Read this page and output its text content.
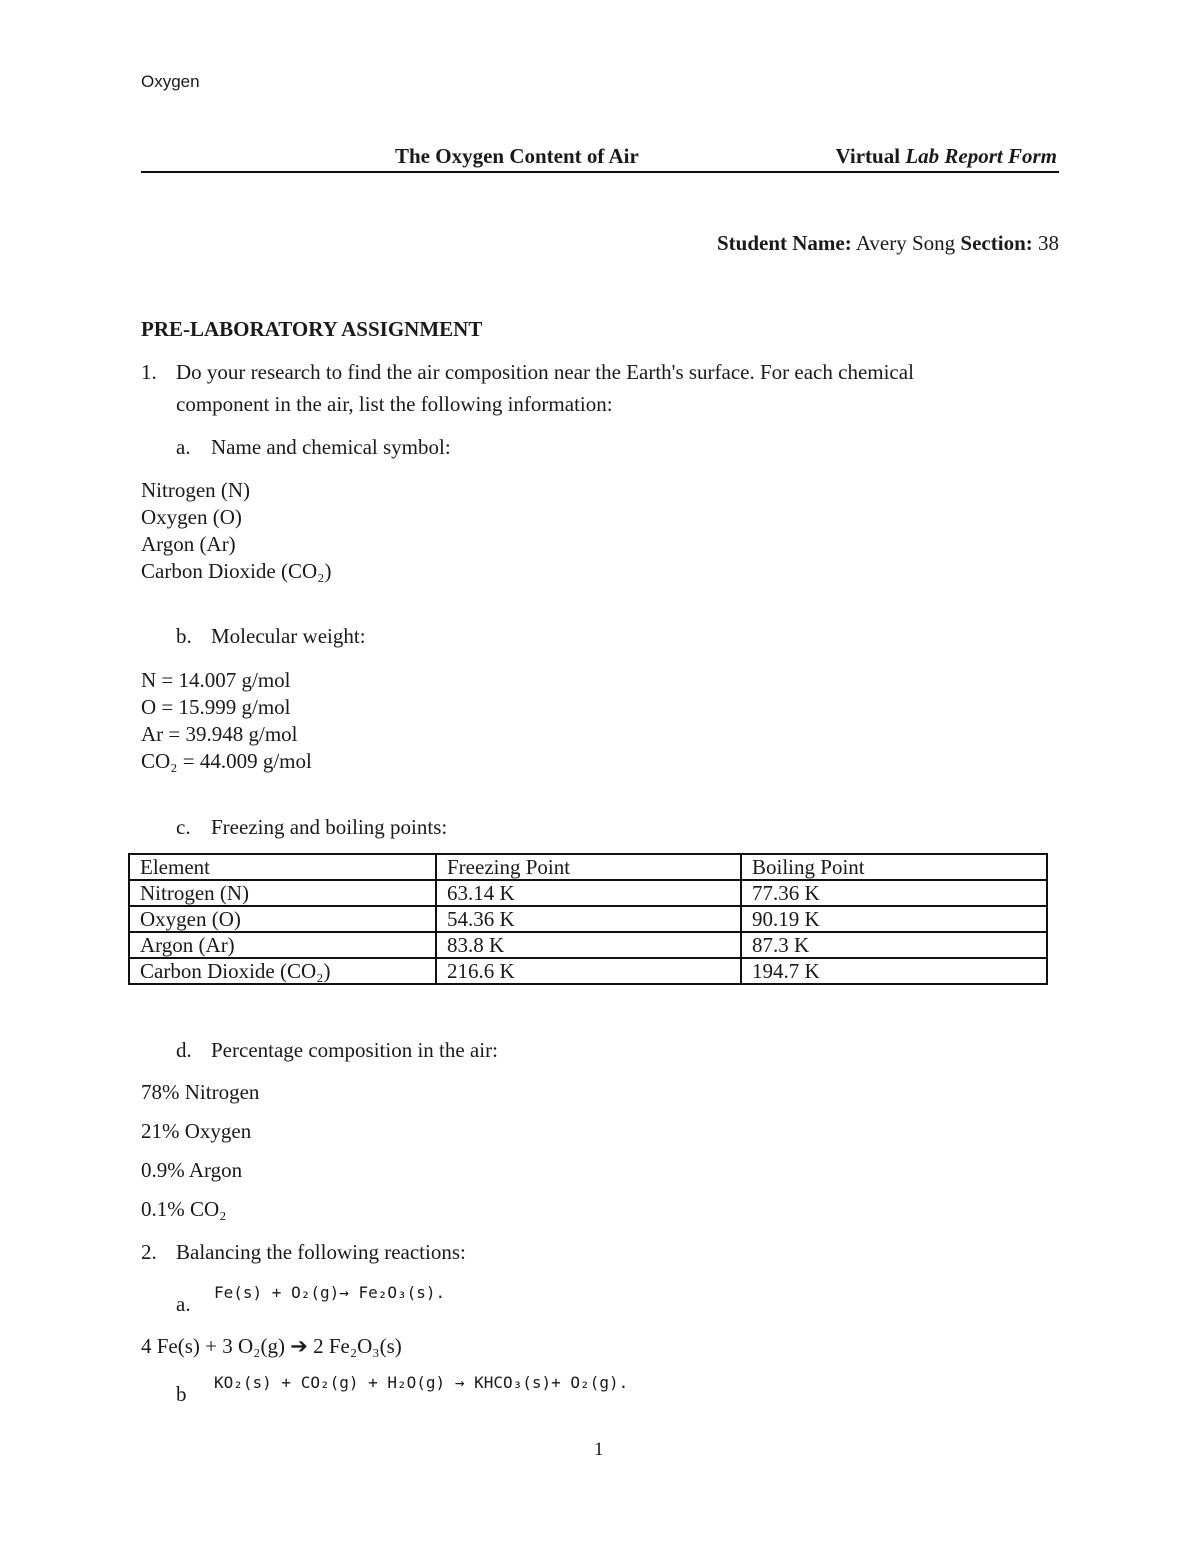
Oxygen
The Oxygen Content of Air	Virtual Lab Report Form
Student Name: Avery Song Section: 38
PRE-LABORATORY ASSIGNMENT
1. Do your research to find the air composition near the Earth's surface. For each chemical
component in the air, list the following information:
a. Name and chemical symbol:
Nitrogen (N)
Oxygen (O)
Argon (Ar)
Carbon Dioxide (CO₂)
b. Molecular weight:
N = 14.007 g/mol
O = 15.999 g/mol
Ar = 39.948 g/mol
CO₂ = 44.009 g/mol
c. Freezing and boiling points:
Element	Freezing Point	Boiling Point
Nitrogen (N)	63.14 K	77.36 K
Oxygen (O)	54.36 K	90.19 K
Argon (Ar)	83.8 K	87.3 K
Carbon Dioxide (CO₂)	216.6 K	194.7 K
d. Percentage composition in the air:
78% Nitrogen
21% Oxygen
0.9% Argon
0.1% CO₂
2. Balancing the following reactions:
a. Fe(s) + O₂(g)→ Fe₂O₃(s).
4 Fe(s) + 3 O₂(g) ➔ 2 Fe₂O₃(s)
b KO₂(s) + CO₂(g) + H₂O(g) → KHCO₃(s)+ O₂(g).
1
